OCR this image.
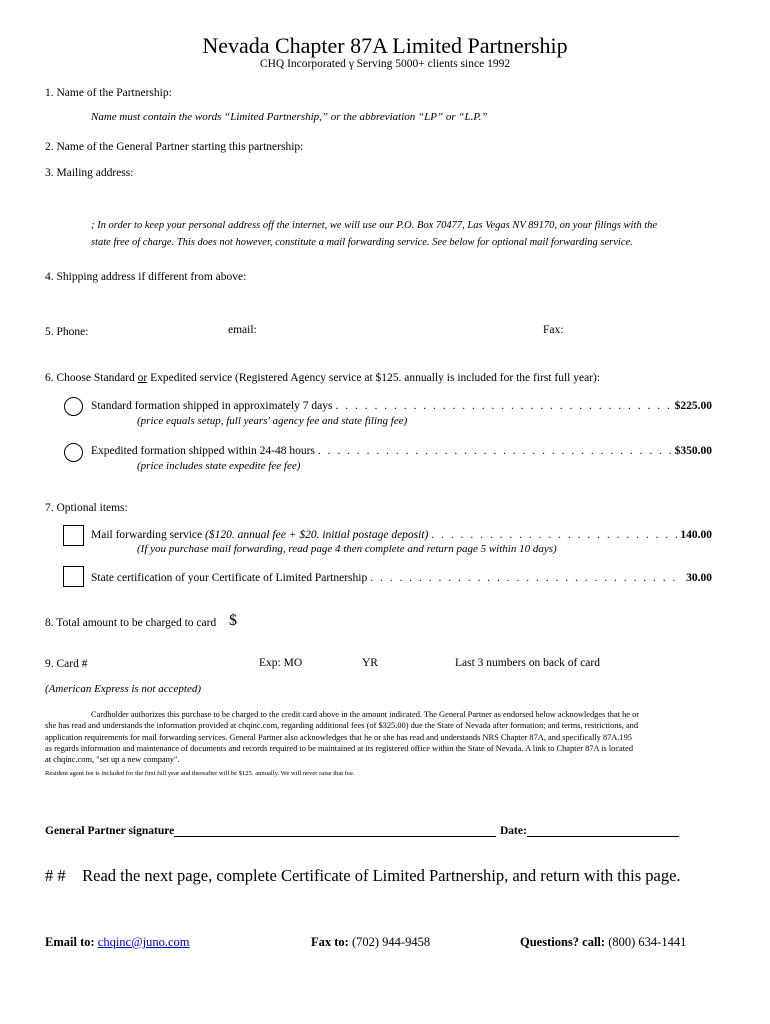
Nevada Chapter 87A Limited Partnership
CHQ Incorporated γ Serving 5000+ clients since 1992
1. Name of the Partnership:
Name must contain the words “Limited Partnership,” or the abbreviation “LP” or “L.P.”
2. Name of the General Partner starting this partnership:
3. Mailing address:
; In order to keep your personal address off the internet, we will use our P.O. Box 70477, Las Vegas NV 89170, on your filings with the
state free of charge. This does not however, constitute a mail forwarding service. See below for optional mail forwarding service.
4. Shipping address if different from above:
5. Phone:	email:	Fax:
6. Choose Standard or Expedited service (Registered Agency service at $125. annually is included for the first full year):
Standard formation shipped in approximately 7 days . . .	$225.00
(price equals setup, full years' agency fee and state filing fee)
Expedited formation shipped within 24-48 hours . . .	$350.00
(price includes state expedite fee fee)
7. Optional items:
Mail forwarding service ($120. annual fee + $20. initial postage deposit) . . .	140.00
(If you purchase mail forwarding, read page 4 then complete and return page 5 within 10 days)
State certification of your Certificate of Limited Partnership . . .	30.00
8. Total amount to be charged to card $
9. Card #	Exp: MO	YR	Last 3 numbers on back of card
(American Express is not accepted)
Cardholder authorizes this purchase to be charged to the credit card above in the amount indicated. The General Partner as endorsed below acknowledges that he or she has read and understands the information provided at chqinc.com, regarding additional fees (of $325.00) due the State of Nevada after formation; and terms, restrictions, and application requirements for mail forwarding services. General Partner also acknowledges that he or she has read and understands NRS Chapter 87A, and specifically 87A.195 as regards information and maintenance of documents and records required to be maintained at its registered office within the State of Nevada. A link to Chapter 87A is located at chqinc.com, "set up a new company".
Resident agent fee is included for the first full year and thereafter will be $125. annually. We will never raise that fee.
General Partner signature	Date:
# #    Read the next page, complete Certificate of Limited Partnership, and return with this page.
Email to: chqinc@juno.com	Fax to: (702) 944-9458	Questions? call: (800) 634-1441
